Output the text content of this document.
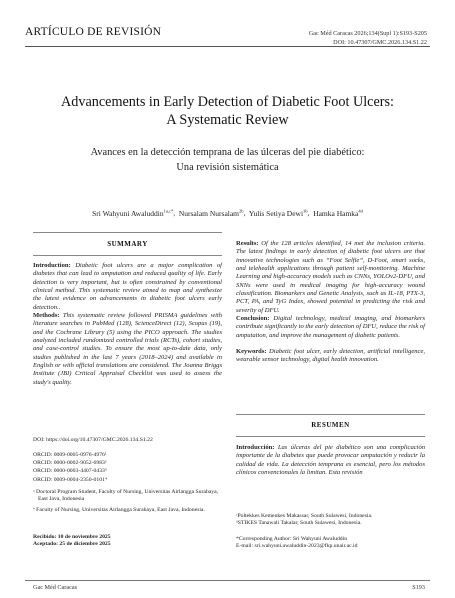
ARTÍCULO DE REVISIÓN	Gac Méd Caracas 2026;134(Supl 1):S193-S205
DOI: 10.47307/GMC.2026.134.S1.22
Advancements in Early Detection of Diabetic Foot Ulcers:
A Systematic Review
Avances en la detección temprana de las úlceras del pie diabético:
Una revisión sistemática
Sri Wahyuni Awaluddin$^{1a,c*}$,  Nursalam Nursalam$^{2b}$,  Yulis Setiya Dewi$^{3b}$,  Hamka Hamka$^{4d}$
SUMMARY

Introduction: Diabetic foot ulcers are a major complication of diabetes that can lead to amputation and reduced quality of life. Early detection is very important, but is often constrained by conventional clinical method. This systematic review aimed to map and synthesize the latest evidence on advancements in diabetic foot ulcers early detection..

Methods: This systematic review followed PRISMA guidelines with literature searches in PubMed (128), ScienceDirect (12), Scopus (19), and the Cochrane Library (5) using the PICO approach. The studies analyzed included randomized controlled trials (RCTs), cohort studies, and case-control studies. To ensure the most up-to-date data, only studies published in the last 7 years (2018–2024) and available in English or with official translations are considered. The Joanna Briggs Institute (JBI) Critical Appraisal Checklist was used to assess the study's quality.

Results: Of the 128 articles identified, 14 met the inclusion criteria. The latest findings in early detection of diabetic foot ulcers are that innovative technologies such as “Foot Selfie”, D-Foot, smart socks, and telehealth applications through patient self-monitoring. Machine Learning and high-accuracy models such as CNNs, YOLOv2-DFU, and SNNs were used in medical imaging for high-accuracy wound classification. Biomarkers and Genetic Analysis, such as IL-18, PTX-3, PCT, PA, and TyG Index, showed potential in predicting the risk and severity of DFU.

Conclusion: Digital technology, medical imaging, and biomarkers contribute significantly to the early detection of DFU, reduce the risk of amputation, and improve the management of diabetic patients.

Keywords: Diabetic foot ulcer, early detection, artificial intelligence, wearable sensor technology, digital health innovation.

RESUMEN

Introducción: Las úlceras del pie diabético son una complicación importante de la diabetes que puede provocar amputación y reducir la calidad de vida. La detección temprana es esencial, pero los métodos clínicos convencionales la limitan. Esta revisión

DOI: https://doi.org/10.47307/GMC.2026.134.S1.22
ORCID: 0009-0005-0976-4976¹
ORCID: 0000-0002-9052-6983²
ORCID: 0000-0003-4407-0433³
ORCID: 0009-0004-2350-0101⁴

ᵃ Doctoral Program Student, Faculty of Nursing, Universitas Airlangga Surabaya, East Java, Indonesia

ᵇ Faculty of Nursing, Universitas Airlangga Surabaya, East Java, Indonesia.

Recibido: 10 de noviembre 2025
Aceptado: 25 de diciembre 2025
ᶜPoltekkes Kemenkes Makassar, South Sulawesi, Indonesia.
ᵈSTIKES Tanawali Takalar, South Sulawesi, Indonesia.
*Corresponding Author: Sri Wahyuni Awaluddin
E-mail: sri.wahyuni.awaluddin-2023@fkp.unair.ac.id
Gac Méd Caracas	S193
